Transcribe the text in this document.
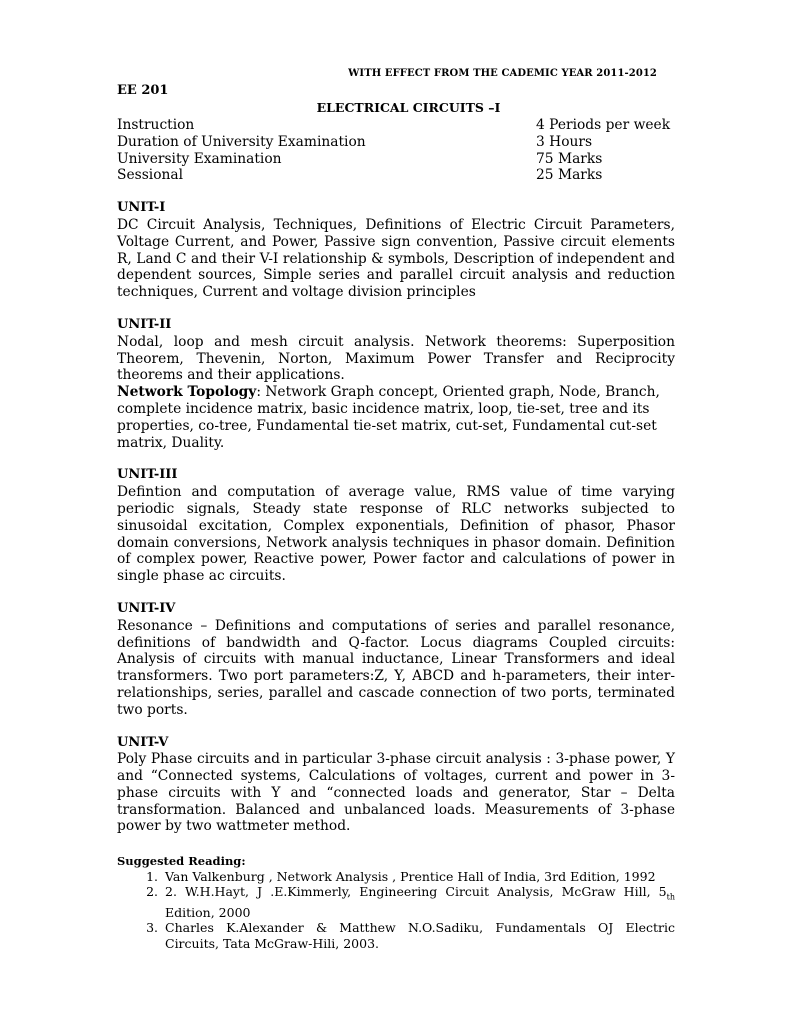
WITH EFFECT FROM THE CADEMIC YEAR 2011-2012
EE 201
ELECTRICAL CIRCUITS –I
Instruction	4 Periods per week
Duration of University Examination	3 Hours
University Examination	75 Marks
Sessional	25 Marks
UNIT-I

DC Circuit Analysis, Techniques, Definitions of Electric Circuit Parameters, Voltage Current, and Power, Passive sign convention, Passive circuit elements R, Land C and their V-I relationship & symbols, Description of independent and dependent sources, Simple series and parallel circuit analysis and reduction techniques, Current and voltage division principles

UNIT-II

Nodal, loop and mesh circuit analysis. Network theorems: Superposition Theorem, Thevenin, Norton, Maximum Power Transfer and Reciprocity theorems and their applications.

Network Topology: Network Graph concept, Oriented graph, Node, Branch, complete incidence matrix, basic incidence matrix, loop, tie-set, tree and its properties, co-tree, Fundamental tie-set matrix, cut-set, Fundamental cut-set matrix, Duality.

UNIT-III

Defintion and computation of average value, RMS value of time varying periodic signals, Steady state response of RLC networks subjected to sinusoidal excitation, Complex exponentials, Definition of phasor, Phasor domain conversions, Network analysis techniques in phasor domain. Definition of complex power, Reactive power, Power factor and calculations of power in single phase ac circuits.

UNIT-IV

Resonance – Definitions and computations of series and parallel resonance, definitions of bandwidth and Q-factor. Locus diagrams Coupled circuits: Analysis of circuits with manual inductance, Linear Transformers and ideal transformers. Two port parameters:Z, Y, ABCD and h-parameters, their inter-relationships, series, parallel and cascade connection of two ports, terminated two ports.

UNIT-V

Poly Phase circuits and in particular 3-phase circuit analysis : 3-phase power, Y and “Connected systems, Calculations of voltages, current and power in 3-phase circuits with Y and “connected loads and generator, Star – Delta transformation. Balanced and unbalanced loads. Measurements of 3-phase power by two wattmeter method.

Suggested Reading:
1. Van Valkenburg , Network Analysis , Prentice Hall of India, 3rd Edition, 1992
2. 2. W.H.Hayt, J .E.Kimmerly, Engineering Circuit Analysis, McGraw Hill, $5_{th}$ Edition, 2000
3. Charles K.Alexander & Matthew N.O.Sadiku, Fundamentals OJ Electric Circuits, Tata McGraw-Hili, 2003.
